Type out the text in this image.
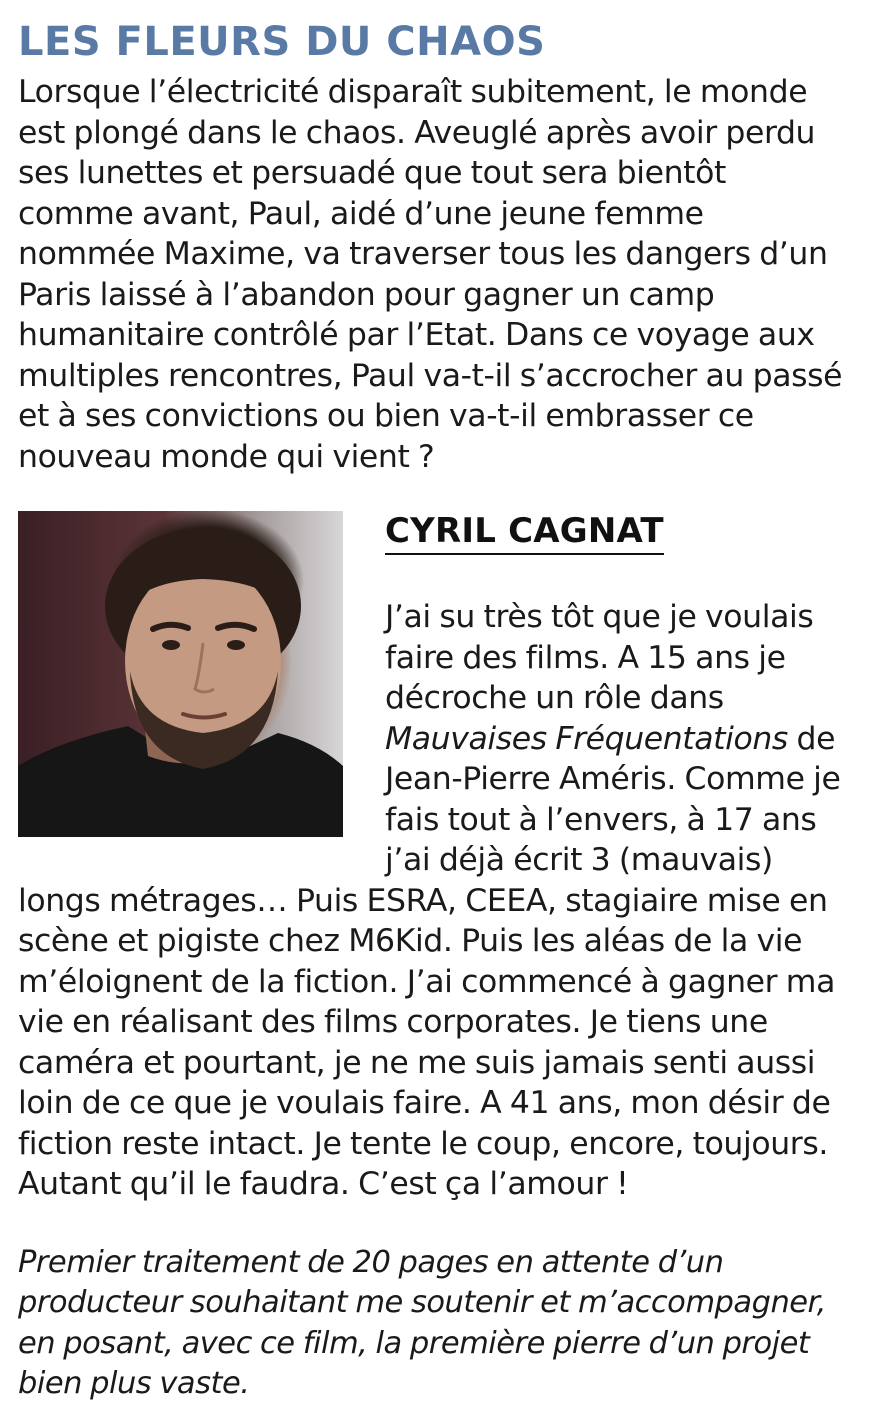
LES FLEURS DU CHAOS

Lorsque l’électricité disparaît subitement, le monde est plongé dans le chaos. Aveuglé après avoir perdu ses lunettes et persuadé que tout sera bientôt comme avant, Paul, aidé d’une jeune femme nommée Maxime, va traverser tous les dangers d’un Paris laissé à l’abandon pour gagner un camp humanitaire contrôlé par l’Etat. Dans ce voyage aux multiples rencontres, Paul va-t-il s’accrocher au passé et à ses convictions ou bien va-t-il embrasser ce nouveau monde qui vient ?

CYRIL CAGNAT

J’ai su très tôt que je voulais faire des films. A 15 ans je décroche un rôle dans Mauvaises Fréquentations de Jean-Pierre Améris. Comme je fais tout à l’envers, à 17 ans j’ai déjà écrit 3 (mauvais) longs métrages… Puis ESRA, CEEA, stagiaire mise en scène et pigiste chez M6Kid. Puis les aléas de la vie m’éloignent de la fiction. J’ai commencé à gagner ma vie en réalisant des films corporates. Je tiens une caméra et pourtant, je ne me suis jamais senti aussi loin de ce que je voulais faire. A 41 ans, mon désir de fiction reste intact. Je tente le coup, encore, toujours. Autant qu’il le faudra. C’est ça l’amour !

Premier traitement de 20 pages en attente d’un producteur souhaitant me soutenir et m’accompagner, en posant, avec ce film, la première pierre d’un projet bien plus vaste.
